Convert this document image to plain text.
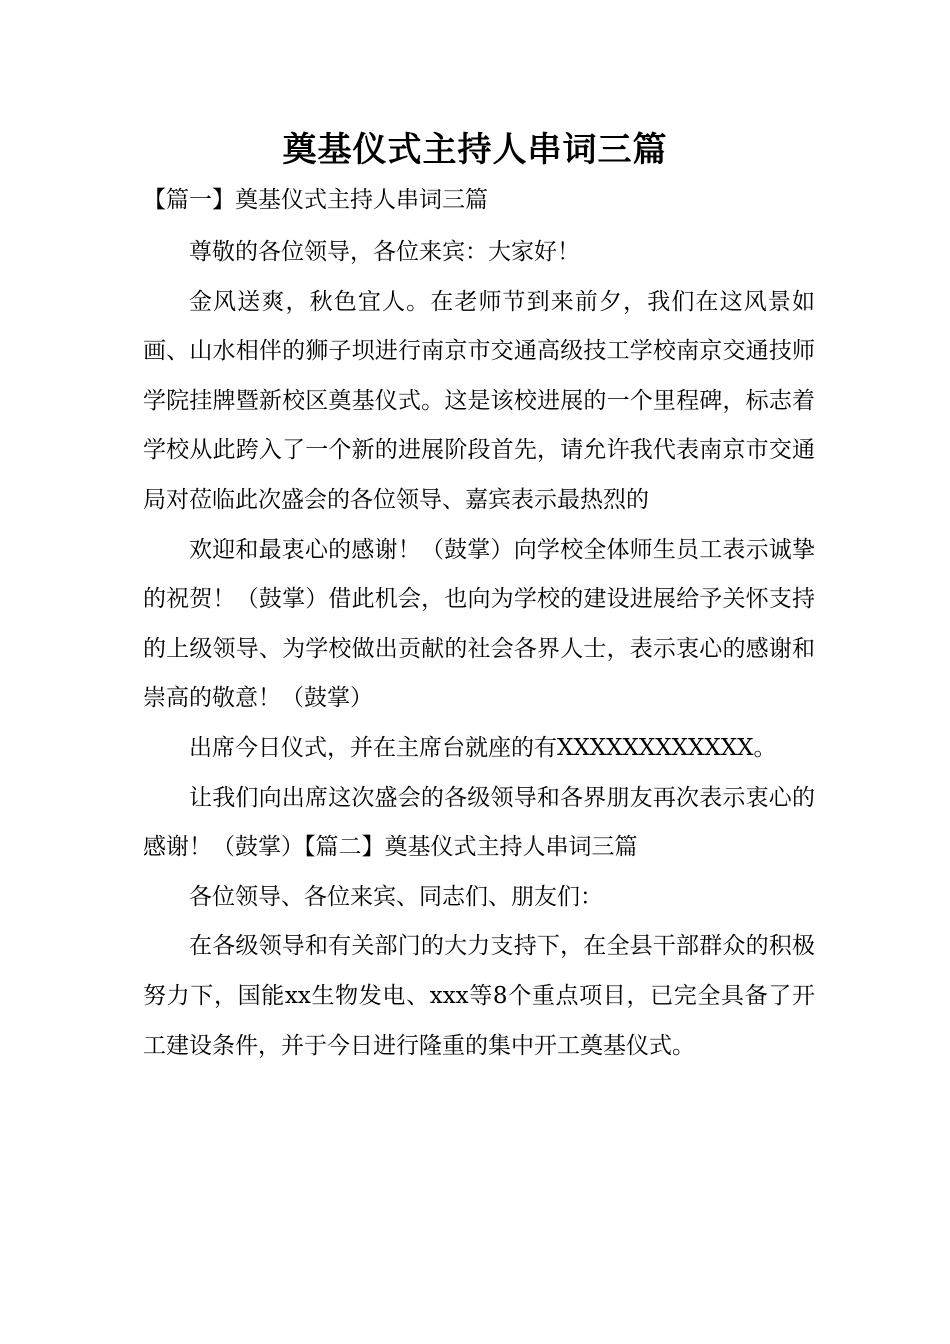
奠基仪式主持人串词三篇
【篇一】奠基仪式主持人串词三篇

尊敬的各位领导，各位来宾：大家好！

金风送爽，秋色宜人。在老师节到来前夕，我们在这风景如画、山水相伴的狮子坝进行南京市交通高级技工学校南京交通技师学院挂牌暨新校区奠基仪式。这是该校进展的一个里程碑，标志着学校从此跨入了一个新的进展阶段首先，请允许我代表南京市交通局对莅临此次盛会的各位领导、嘉宾表示最热烈的

欢迎和最衷心的感谢！（鼓掌）向学校全体师生员工表示诚挚的祝贺！（鼓掌）借此机会，也向为学校的建设进展给予关怀支持的上级领导、为学校做出贡献的社会各界人士，表示衷心的感谢和崇高的敬意！（鼓掌）

出席今日仪式，并在主席台就座的有XXXXXXXXXXXX。

让我们向出席这次盛会的各级领导和各界朋友再次表示衷心的感谢！（鼓掌）【篇二】奠基仪式主持人串词三篇

各位领导、各位来宾、同志们、朋友们：

在各级领导和有关部门的大力支持下，在全县干部群众的积极努力下，国能xx生物发电、xxx等8个重点项目，已完全具备了开工建设条件，并于今日进行隆重的集中开工奠基仪式。
